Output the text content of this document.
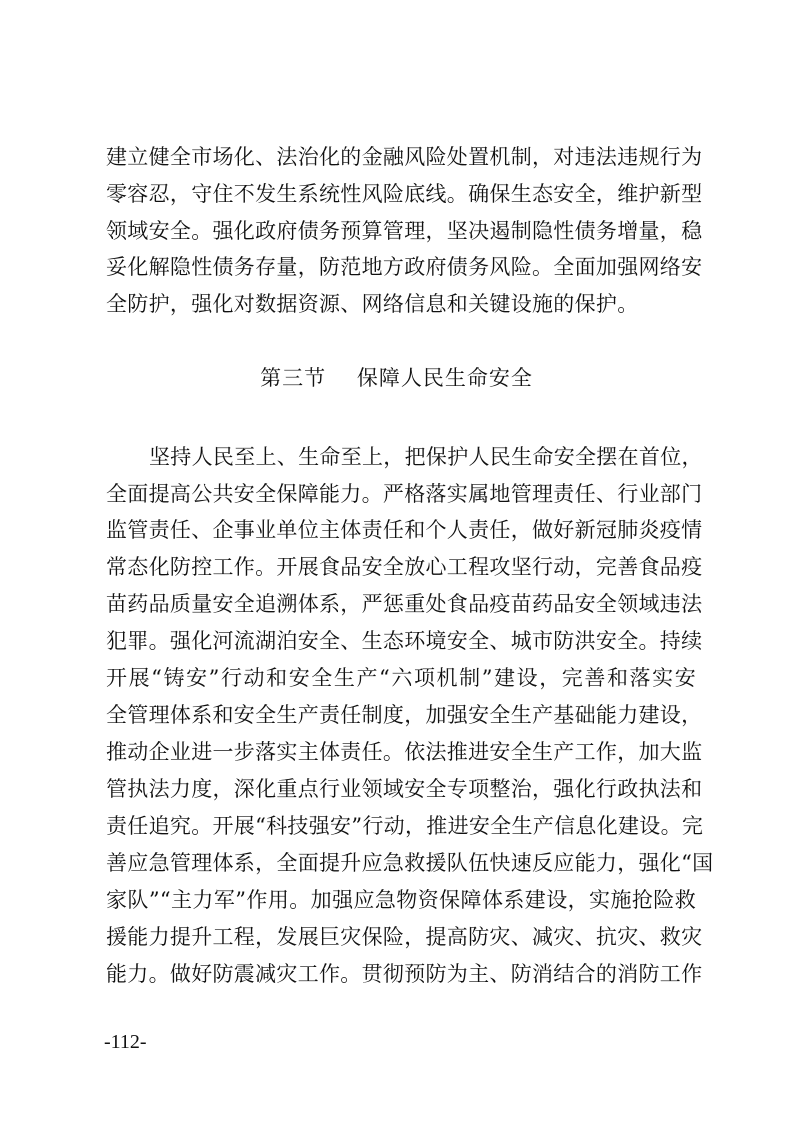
建立健全市场化、法治化的金融风险处置机制，对违法违规行为
零容忍，守住不发生系统性风险底线。确保生态安全，维护新型
领域安全。强化政府债务预算管理，坚决遏制隐性债务增量，稳
妥化解隐性债务存量，防范地方政府债务风险。全面加强网络安
全防护，强化对数据资源、网络信息和关键设施的保护。
第三节    保障人民生命安全
坚持人民至上、生命至上，把保护人民生命安全摆在首位，
全面提高公共安全保障能力。严格落实属地管理责任、行业部门
监管责任、企事业单位主体责任和个人责任，做好新冠肺炎疫情
常态化防控工作。开展食品安全放心工程攻坚行动，完善食品疫
苗药品质量安全追溯体系，严惩重处食品疫苗药品安全领域违法
犯罪。强化河流湖泊安全、生态环境安全、城市防洪安全。持续
开展“铸安”行动和安全生产“六项机制”建设，完善和落实安
全管理体系和安全生产责任制度，加强安全生产基础能力建设，
推动企业进一步落实主体责任。依法推进安全生产工作，加大监
管执法力度，深化重点行业领域安全专项整治，强化行政执法和
责任追究。开展“科技强安”行动，推进安全生产信息化建设。完
善应急管理体系，全面提升应急救援队伍快速反应能力，强化“国
家队”“主力军”作用。加强应急物资保障体系建设，实施抢险救
援能力提升工程，发展巨灾保险，提高防灾、减灾、抗灾、救灾
能力。做好防震减灾工作。贯彻预防为主、防消结合的消防工作
-112-
